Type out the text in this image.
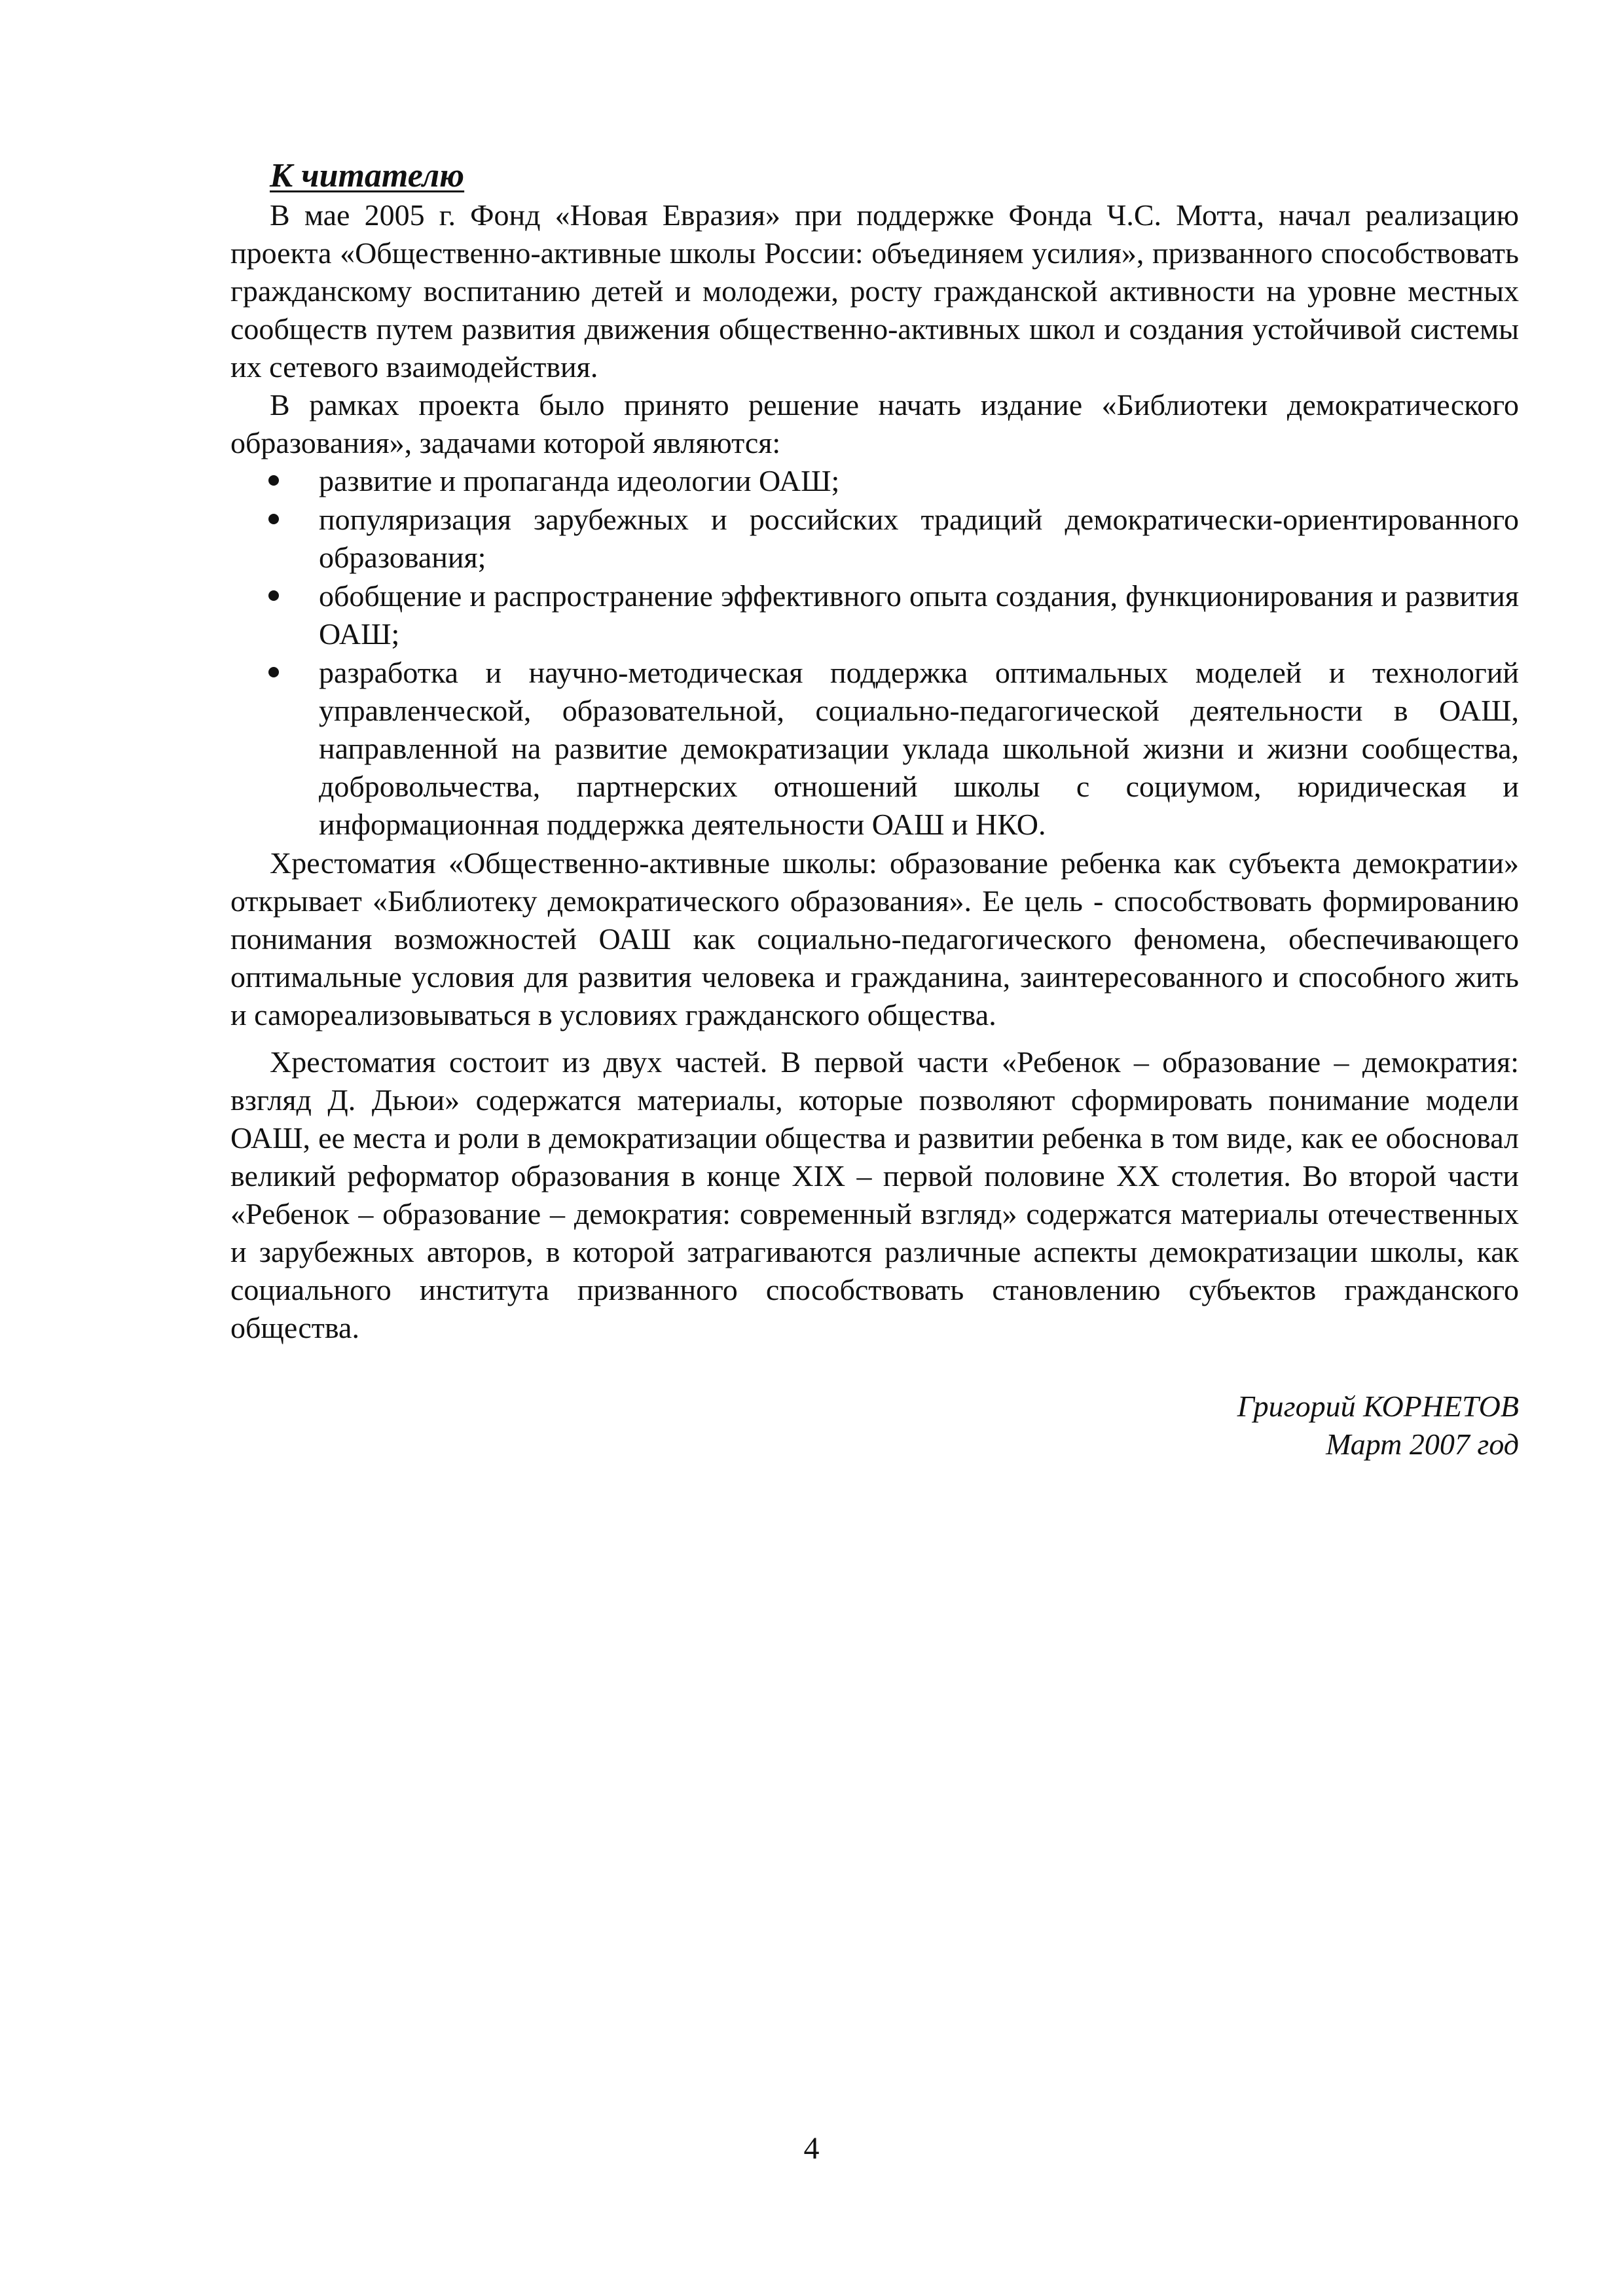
К читателю

В мае 2005 г. Фонд «Новая Евразия» при поддержке Фонда Ч.С. Мотта, начал реализацию проекта «Общественно-активные школы России: объединяем усилия», призванного способствовать гражданскому воспитанию детей и молодежи, росту гражданской активности на уровне местных сообществ путем развития движения общественно-активных школ и создания устойчивой системы их сетевого взаимодействия.

В рамках проекта было принято решение начать издание «Библиотеки демократического образования», задачами которой являются:

развитие и пропаганда идеологии ОАШ;
популяризация зарубежных и российских традиций демократически-ориентированного образования;
обобщение и распространение эффективного опыта создания, функционирования и развития ОАШ;
разработка и научно-методическая поддержка оптимальных моделей и технологий управленческой, образовательной, социально-педагогической деятельности в ОАШ, направленной на развитие демократизации уклада школьной жизни и жизни сообщества, добровольчества, партнерских отношений школы с социумом, юридическая и информационная поддержка деятельности ОАШ и НКО.

Хрестоматия «Общественно-активные школы: образование ребенка как субъекта демократии» открывает «Библиотеку демократического образования». Ее цель - способствовать формированию понимания возможностей ОАШ как социально-педагогического феномена, обеспечивающего оптимальные условия для развития человека и гражданина, заинтересованного и способного жить и самореализовываться в условиях гражданского общества.

Хрестоматия состоит из двух частей. В первой части «Ребенок – образование – демократия: взгляд Д. Дьюи» содержатся материалы, которые позволяют сформировать понимание модели ОАШ, ее места и роли в демократизации общества и развитии ребенка в том виде, как ее обосновал великий реформатор образования в конце XIX – первой половине XX столетия. Во второй части «Ребенок – образование – демократия: современный взгляд» содержатся материалы отечественных и зарубежных авторов, в которой затрагиваются различные аспекты демократизации школы, как социального института призванного способствовать становлению субъектов гражданского общества.

Григорий КОРНЕТОВ
Март 2007 год
4
